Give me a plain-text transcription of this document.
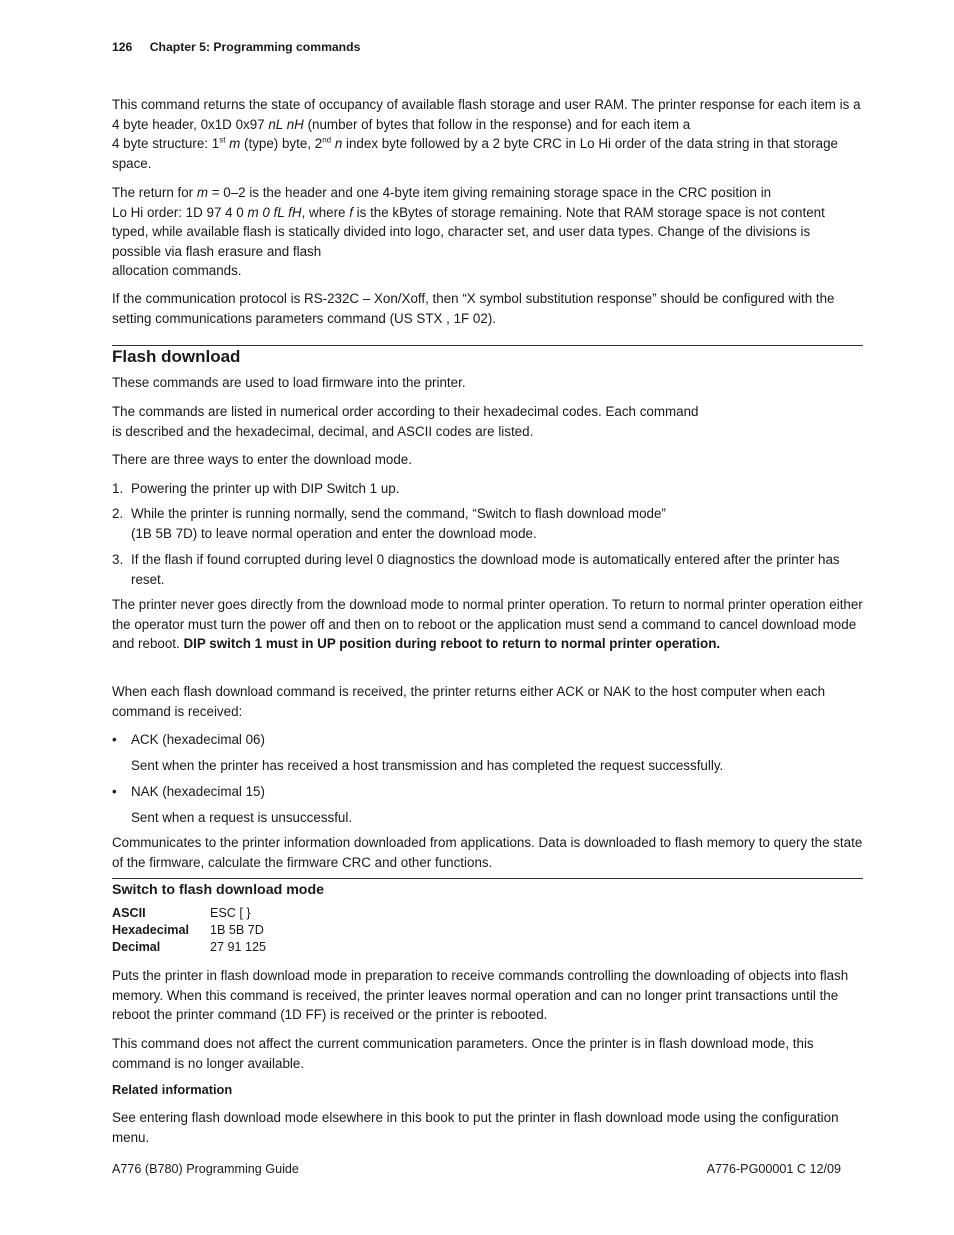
126 Chapter 5: Programming commands

This command returns the state of occupancy of available flash storage and user RAM. The printer response for each item is a 4 byte header, 0x1D 0x97 nL nH (number of bytes that follow in the response) and for each item a

4 byte structure: 1st m (type) byte, 2nd n index byte followed by a 2 byte CRC in Lo Hi order of the data string in that storage space.

The return for m = 0–2 is the header and one 4-byte item giving remaining storage space in the CRC position in

Lo Hi order: 1D 97 4 0 m 0 fL fH, where f is the kBytes of storage remaining. Note that RAM storage space is not content typed, while available flash is statically divided into logo, character set, and user data types. Change of the divisions is possible via flash erasure and flash

allocation commands.

If the communication protocol is RS-232C – Xon/Xoff, then “X symbol substitution response” should be configured with the setting communications parameters command (US STX , 1F 02).

Flash download

These commands are used to load firmware into the printer.

The commands are listed in numerical order according to their hexadecimal codes. Each command

is described and the hexadecimal, decimal, and ASCII codes are listed.

There are three ways to enter the download mode.

1. Powering the printer up with DIP Switch 1 up.

2. While the printer is running normally, send the command, “Switch to flash download mode”

(1B 5B 7D) to leave normal operation and enter the download mode.

3. If the flash if found corrupted during level 0 diagnostics the download mode is automatically entered after the printer has reset.

The printer never goes directly from the download mode to normal printer operation. To return to normal printer operation either the operator must turn the power off and then on to reboot or the application must send a command to cancel download mode and reboot. DIP switch 1 must in UP position during reboot to return to normal printer operation.

When each flash download command is received, the printer returns either ACK or NAK to the host computer when each command is received:

• ACK (hexadecimal 06)

Sent when the printer has received a host transmission and has completed the request successfully.

• NAK (hexadecimal 15)

Sent when a request is unsuccessful.

Communicates to the printer information downloaded from applications. Data is downloaded to flash memory to query the state of the firmware, calculate the firmware CRC and other functions.

Switch to flash download mode
ASCII	ESC [ }
Hexadecimal 1B 5B 7D
Decimal	27 91 125

Puts the printer in flash download mode in preparation to receive commands controlling the downloading of objects into flash memory. When this command is received, the printer leaves normal operation and can no longer print transactions until the reboot the printer command (1D FF) is received or the printer is rebooted.

This command does not affect the current communication parameters. Once the printer is in flash download mode, this command is no longer available.

Related information

See entering flash download mode elsewhere in this book to put the printer in flash download mode using the configuration menu.

A776 (B780) Programming Guide	A776-PG00001 C 12/09
